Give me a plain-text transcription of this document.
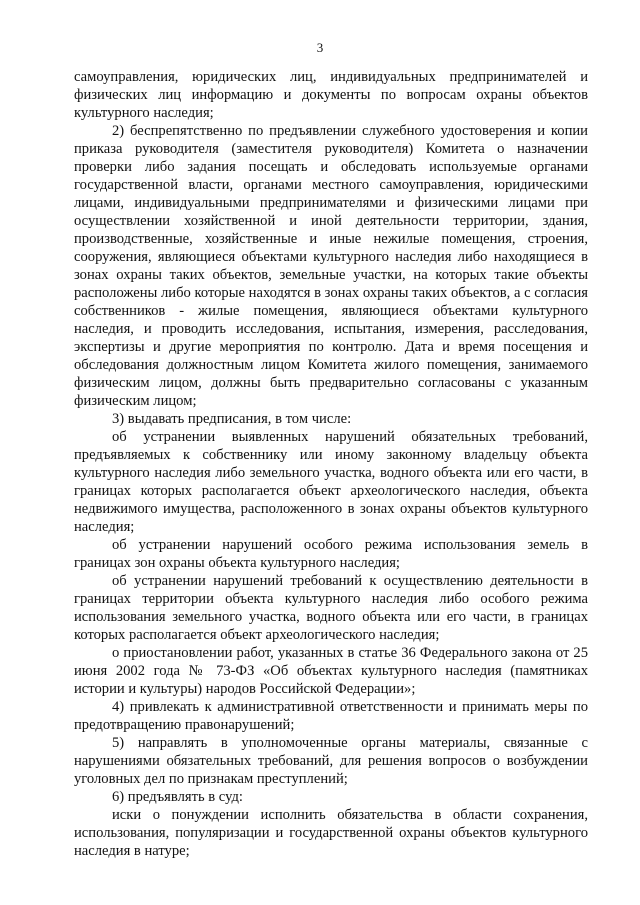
3

самоуправления, юридических лиц, индивидуальных предпринимателей и физических лиц информацию и документы по вопросам охраны объектов культурного наследия;

2) беспрепятственно по предъявлении служебного удостоверения и копии приказа руководителя (заместителя руководителя) Комитета о назначении проверки либо задания посещать и обследовать используемые органами государственной власти, органами местного самоуправления, юридическими лицами, индивидуальными предпринимателями и физическими лицами при осуществлении хозяйственной и иной деятельности территории, здания, производственные, хозяйственные и иные нежилые помещения, строения, сооружения, являющиеся объектами культурного наследия либо находящиеся в зонах охраны таких объектов, земельные участки, на которых такие объекты расположены либо которые находятся в зонах охраны таких объектов, а с согласия собственников - жилые помещения, являющиеся объектами культурного наследия, и проводить исследования, испытания, измерения, расследования, экспертизы и другие мероприятия по контролю. Дата и время посещения и обследования должностным лицом Комитета жилого помещения, занимаемого физическим лицом, должны быть предварительно согласованы с указанным физическим лицом;

3) выдавать предписания, в том числе:

об устранении выявленных нарушений обязательных требований, предъявляемых к собственнику или иному законному владельцу объекта культурного наследия либо земельного участка, водного объекта или его части, в границах которых располагается объект археологического наследия, объекта недвижимого имущества, расположенного в зонах охраны объектов культурного наследия;

об устранении нарушений особого режима использования земель в границах зон охраны объекта культурного наследия;

об устранении нарушений требований к осуществлению деятельности в границах территории объекта культурного наследия либо особого режима использования земельного участка, водного объекта или его части, в границах которых располагается объект археологического наследия;

о приостановлении работ, указанных в статье 36 Федерального закона от 25 июня 2002 года № 73-ФЗ «Об объектах культурного наследия (памятниках истории и культуры) народов Российской Федерации»;

4) привлекать к административной ответственности и принимать меры по предотвращению правонарушений;

5) направлять в уполномоченные органы материалы, связанные с нарушениями обязательных требований, для решения вопросов о возбуждении уголовных дел по признакам преступлений;

6) предъявлять в суд:

иски о понуждении исполнить обязательства в области сохранения, использования, популяризации и государственной охраны объектов культурного наследия в натуре;
